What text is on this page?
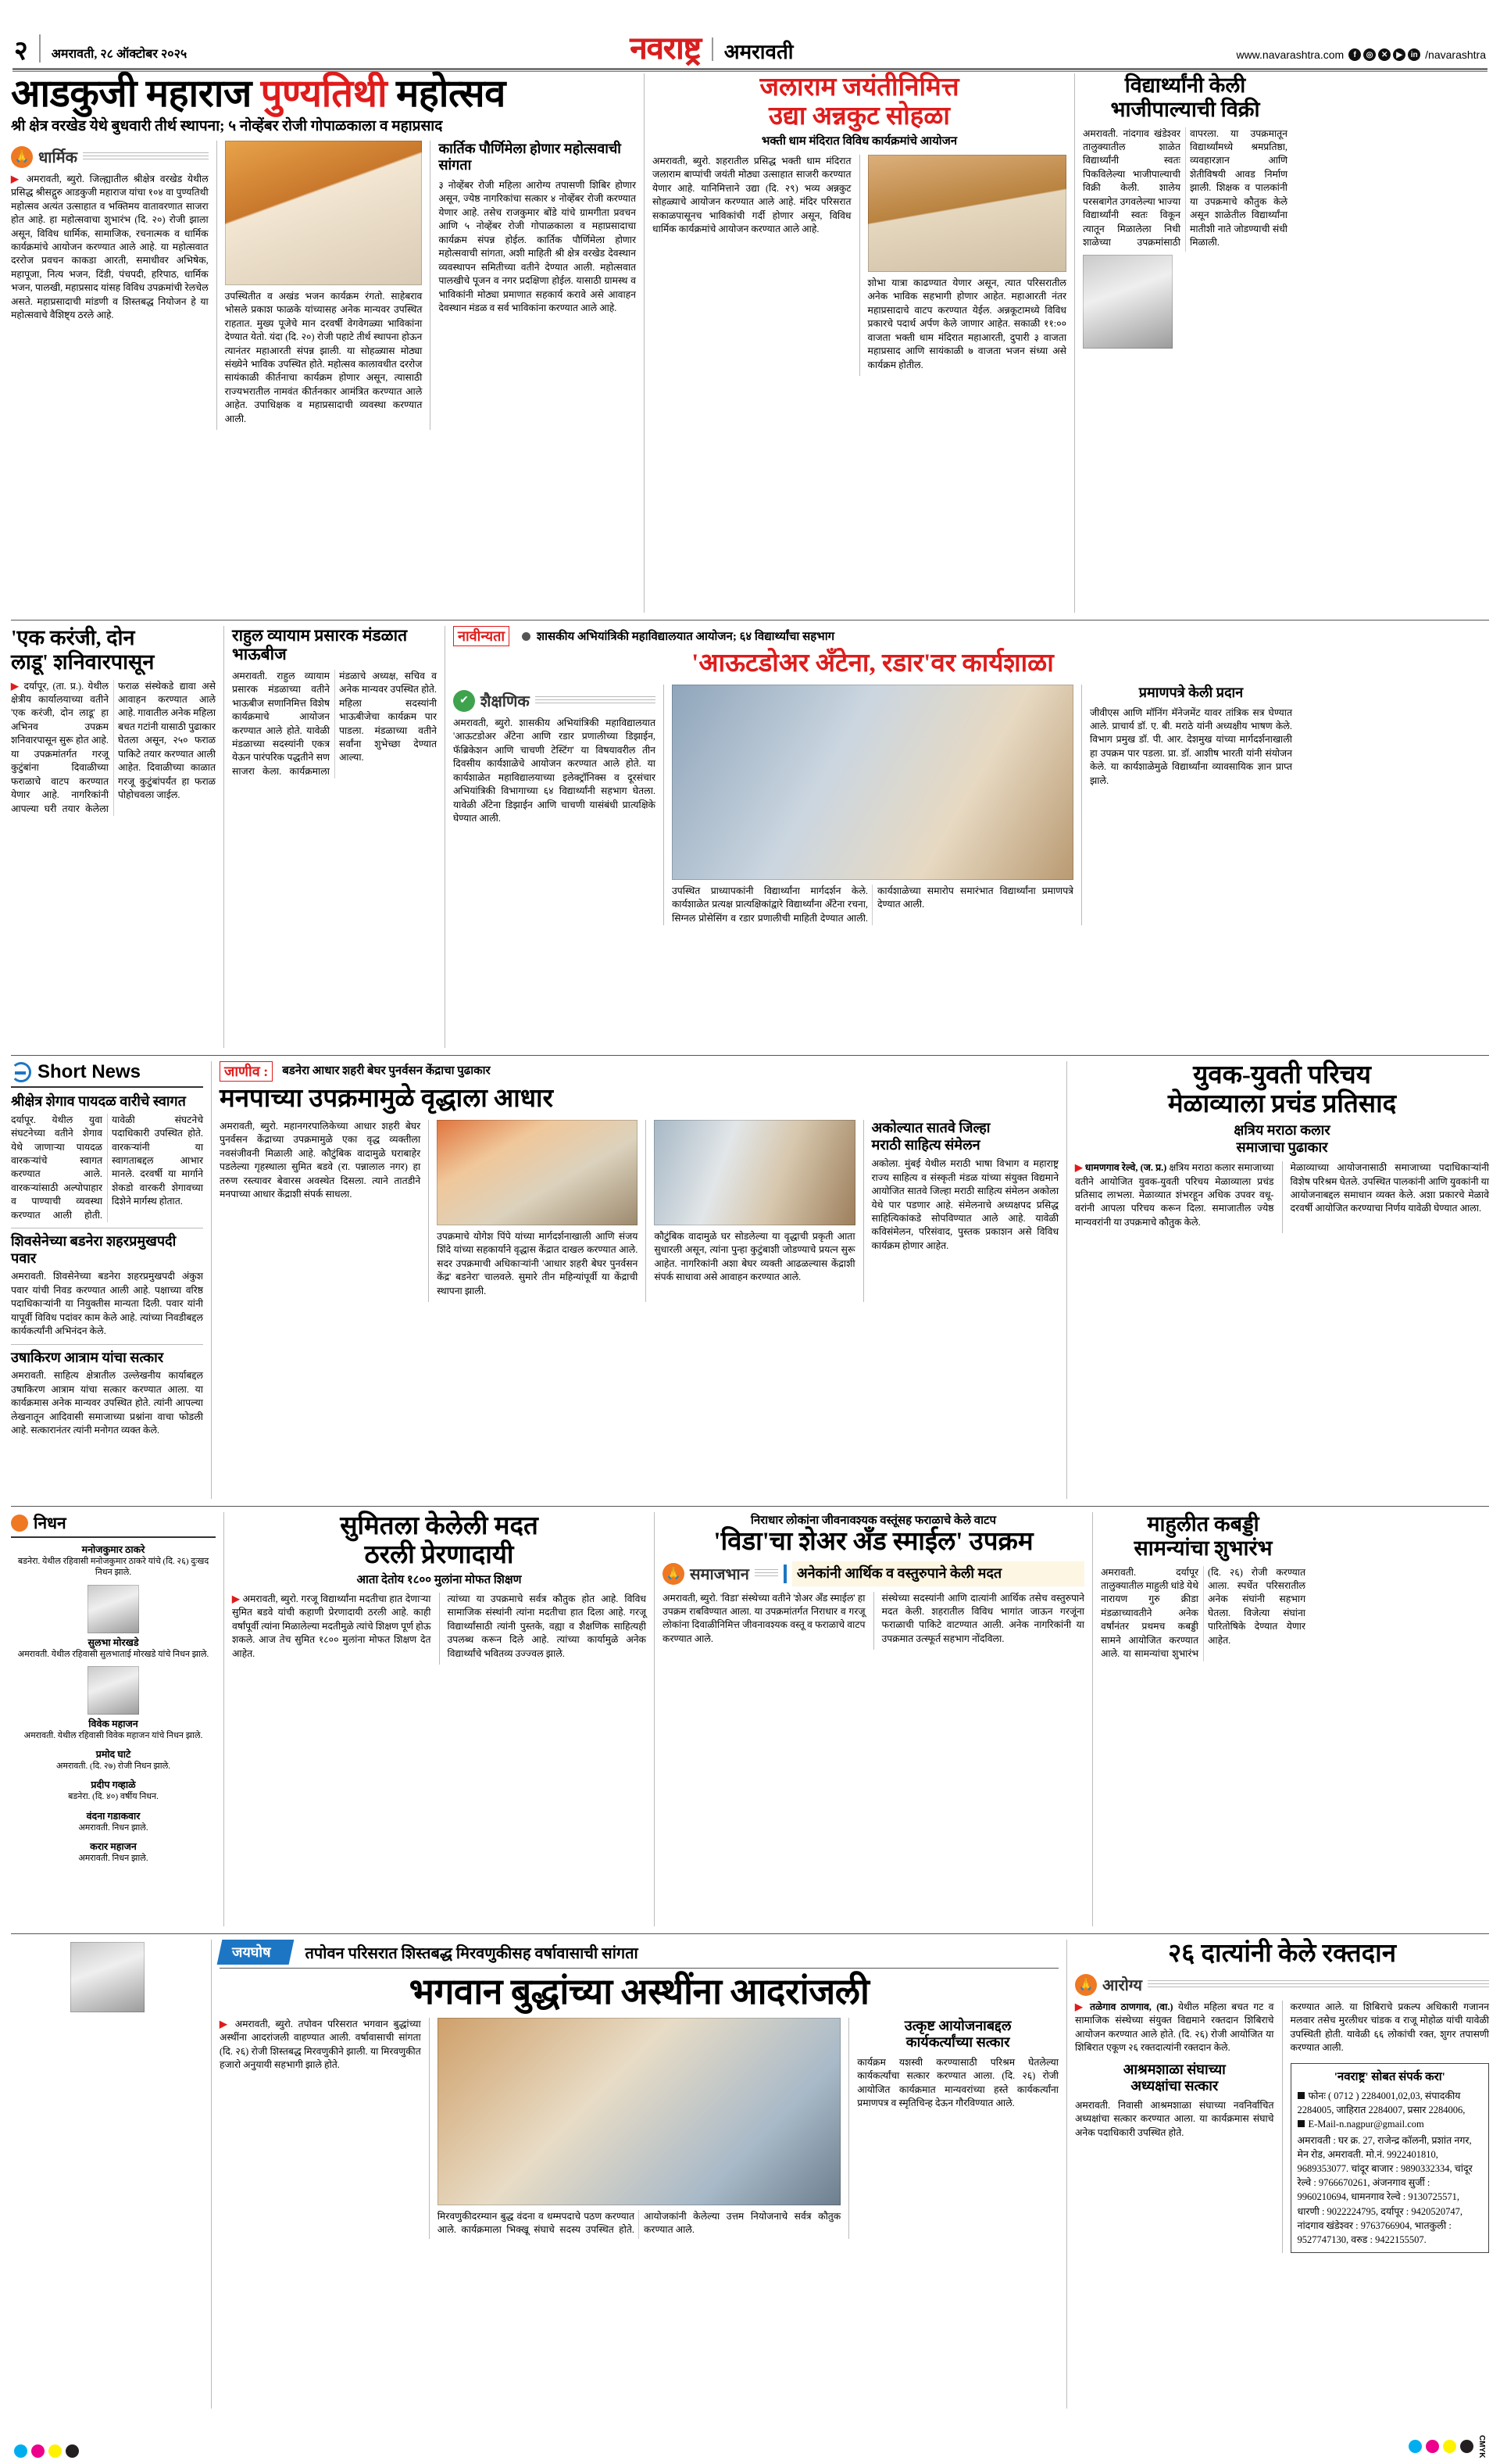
२ अमरावती, २८ ऑक्टोबर २०२५	नवराष्ट्र अमरावती	www.navarashtra.com	f	◎	✕	▶	in /navarashtra
आडकुजी महाराज पुण्यतिथी महोत्सव
श्री क्षेत्र वरखेड येथे बुधवारी तीर्थ स्थापना; ५ नोव्हेंबर रोजी गोपाळकाला व महाप्रसाद
🙏
धार्मिक

▶ अमरावती, ब्युरो. जिल्ह्यातील श्रीक्षेत्र वरखेड येथील प्रसिद्ध श्रीसद्गुरु आडकुजी महाराज यांचा १०४ वा पुण्यतिथी महोत्सव अत्यंत उत्साहात व भक्तिमय वातावरणात साजरा होत आहे. हा महोत्सवाचा शुभारंभ (दि. २०) रोजी झाला असून, विविध धार्मिक, सामाजिक, रचनात्मक व धार्मिक कार्यक्रमांचे आयोजन करण्यात आले आहे. या महोत्सवात दररोज प्रवचन काकडा आरती, समाधीवर अभिषेक, महापूजा, नित्य भजन, दिंडी, पंचपदी, हरिपाठ, धार्मिक भजन, पालखी, महाप्रसाद यांसह विविध उपक्रमांची रेलचेल असते. महाप्रसादाची मांडणी व शिस्तबद्ध नियोजन हे या महोत्सवाचे वैशिष्ट्य ठरले आहे.

उपस्थितीत व अखंड भजन कार्यक्रम रंगतो. साहेबराव भोसले प्रकाश फाळके यांच्यासह अनेक मान्यवर उपस्थित राहतात. मुख्य पूजेचे मान दरवर्षी वेगवेगळ्या भाविकांना देण्यात येतो. यंदा (दि. २०) रोजी पहाटे तीर्थ स्थापना होऊन त्यानंतर महाआरती संपन्न झाली. या सोहळ्यास मोठ्या संख्येने भाविक उपस्थित होते. महोत्सव कालावधीत दररोज सायंकाळी कीर्तनाचा कार्यक्रम होणार असून, त्यासाठी राज्यभरातील नामवंत कीर्तनकार आमंत्रित करण्यात आले आहेत. उपाधिक्षक व महाप्रसादाची व्यवस्था करण्यात आली.

कार्तिक पौर्णिमेला होणार महोत्सवाची सांगता

३ नोव्हेंबर रोजी महिला आरोग्य तपासणी शिबिर होणार असून, ज्येष्ठ नागरिकांचा सत्कार ४ नोव्हेंबर रोजी करण्यात येणार आहे. तसेच राजकुमार बोंडे यांचे ग्रामगीता प्रवचन आणि ५ नोव्हेंबर रोजी गोपाळकाला व महाप्रसादाचा कार्यक्रम संपन्न होईल. कार्तिक पौर्णिमेला होणार महोत्सवाची सांगता, अशी माहिती श्री क्षेत्र वरखेड देवस्थान व्यवस्थापन समितीच्या वतीने देण्यात आली. महोत्सवात पालखीचे पूजन व नगर प्रदक्षिणा होईल. यासाठी ग्रामस्थ व भाविकांनी मोठ्या प्रमाणात सहकार्य करावे असे आवाहन देवस्थान मंडळ व सर्व भाविकांना करण्यात आले आहे.

जलाराम जयंतीनिमित्त
उद्या अन्नकुट सोहळा
भक्ती धाम मंदिरात विविध कार्यक्रमांचे आयोजन

अमरावती, ब्युरो. शहरातील प्रसिद्ध भक्ती धाम मंदिरात जलाराम बाप्पांची जयंती मोठ्या उत्साहात साजरी करण्यात येणार आहे. यानिमित्ताने उद्या (दि. २९) भव्य अन्नकुट सोहळ्याचे आयोजन करण्यात आले आहे. मंदिर परिसरात सकाळपासूनच भाविकांची गर्दी होणार असून, विविध धार्मिक कार्यक्रमांचे आयोजन करण्यात आले आहे.

शोभा यात्रा काढण्यात येणार असून, त्यात परिसरातील अनेक भाविक सहभागी होणार आहेत. महाआरती नंतर महाप्रसादाचे वाटप करण्यात येईल. अन्नकूटामध्ये विविध प्रकारचे पदार्थ अर्पण केले जाणार आहेत. सकाळी ११:०० वाजता भक्ती धाम मंदिरात महाआरती, दुपारी ३ वाजता महाप्रसाद आणि सायंकाळी ७ वाजता भजन संध्या असे कार्यक्रम होतील.

विद्यार्थ्यांनी केली
भाजीपाल्याची विक्री

अमरावती. नांदगाव खंडेश्वर तालुक्यातील शाळेत विद्यार्थ्यांनी स्वतः पिकविलेल्या भाजीपाल्याची विक्री केली. शालेय परसबागेत उगवलेल्या भाज्या विद्यार्थ्यांनी स्वतः विकून त्यातून मिळालेला निधी शाळेच्या उपक्रमांसाठी वापरला. या उपक्रमातून विद्यार्थ्यांमध्ये श्रमप्रतिष्ठा, व्यवहारज्ञान आणि शेतीविषयी आवड निर्माण झाली. शिक्षक व पालकांनी या उपक्रमाचे कौतुक केले असून शाळेतील विद्यार्थ्यांना मातीशी नाते जोडण्याची संधी मिळाली.

'एक करंजी, दोन
लाडू' शनिवारपासून

▶ दर्यापूर, (ता. प्र.). येथील क्षेत्रीय कार्यालयाच्या वतीने 'एक करंजी, दोन लाडू' हा अभिनव उपक्रम शनिवारपासून सुरू होत आहे. या उपक्रमांतर्गत गरजू कुटुंबांना दिवाळीच्या फराळाचे वाटप करण्यात येणार आहे. नागरिकांनी आपल्या घरी तयार केलेला फराळ संस्थेकडे द्यावा असे आवाहन करण्यात आले आहे. गावातील अनेक महिला बचत गटांनी यासाठी पुढाकार घेतला असून, २५० फराळ पाकिटे तयार करण्यात आली आहेत. दिवाळीच्या काळात गरजू कुटुंबांपर्यंत हा फराळ पोहोचवला जाईल.

राहुल व्यायाम प्रसारक मंडळात भाऊबीज

अमरावती. राहुल व्यायाम प्रसारक मंडळाच्या वतीने भाऊबीज सणानिमित्त विशेष कार्यक्रमाचे आयोजन करण्यात आले होते. यावेळी मंडळाच्या सदस्यांनी एकत्र येऊन पारंपरिक पद्धतीने सण साजरा केला. कार्यक्रमाला मंडळाचे अध्यक्ष, सचिव व अनेक मान्यवर उपस्थित होते. महिला सदस्यांनी भाऊबीजेचा कार्यक्रम पार पाडला. मंडळाच्या वतीने सर्वांना शुभेच्छा देण्यात आल्या.

नावीन्यता	शासकीय अभियांत्रिकी महाविद्यालयात आयोजन; ६४ विद्यार्थ्यांचा सहभाग
'आऊटडोअर अँटेना, रडार'वर कार्यशाळा
✔
शैक्षणिक

अमरावती, ब्युरो. शासकीय अभियांत्रिकी महाविद्यालयात 'आऊटडोअर अँटेना आणि रडार प्रणालीच्या डिझाईन, फॅब्रिकेशन आणि चाचणी टेस्टिंग' या विषयावरील तीन दिवसीय कार्यशाळेचे आयोजन करण्यात आले होते. या कार्यशाळेत महाविद्यालयाच्या इलेक्ट्रॉनिक्स व दूरसंचार अभियांत्रिकी विभागाच्या ६४ विद्यार्थ्यांनी सहभाग घेतला. यावेळी अँटेना डिझाईन आणि चाचणी यासंबंधी प्रात्यक्षिके घेण्यात आली.

उपस्थित प्राध्यापकांनी विद्यार्थ्यांना मार्गदर्शन केले. कार्यशाळेत प्रत्यक्ष प्रात्यक्षिकांद्वारे विद्यार्थ्यांना अँटेना रचना, सिग्नल प्रोसेसिंग व रडार प्रणालीची माहिती देण्यात आली. कार्यशाळेच्या समारोप समारंभात विद्यार्थ्यांना प्रमाणपत्रे देण्यात आली.

प्रमाणपत्रे केली प्रदान

जीवीएस आणि मॉनिंग मॅनेजमेंट यावर तांत्रिक सत्र घेण्यात आले. प्राचार्य डॉ. ए. बी. मराठे यांनी अध्यक्षीय भाषण केले. विभाग प्रमुख डॉ. पी. आर. देशमुख यांच्या मार्गदर्शनाखाली हा उपक्रम पार पडला. प्रा. डॉ. आशीष भारती यांनी संयोजन केले. या कार्यशाळेमुळे विद्यार्थ्यांना व्यावसायिक ज्ञान प्राप्त झाले.

Short News
श्रीक्षेत्र शेगाव पायदळ वारीचे स्वागत

दर्यापूर. येथील युवा संघटनेच्या वतीने शेगाव येथे जाणाऱ्या पायदळ वारकऱ्यांचे स्वागत करण्यात आले. वारकऱ्यांसाठी अल्पोपाहार व पाण्याची व्यवस्था करण्यात आली होती. यावेळी संघटनेचे पदाधिकारी उपस्थित होते. वारकऱ्यांनी या स्वागताबद्दल आभार मानले. दरवर्षी या मार्गाने शेकडो वारकरी शेगावच्या दिशेने मार्गस्थ होतात.

शिवसेनेच्या बडनेरा शहरप्रमुखपदी पवार

अमरावती. शिवसेनेच्या बडनेरा शहरप्रमुखपदी अंकुश पवार यांची निवड करण्यात आली आहे. पक्षाच्या वरिष्ठ पदाधिकाऱ्यांनी या नियुक्तीस मान्यता दिली. पवार यांनी यापूर्वी विविध पदांवर काम केले आहे. त्यांच्या निवडीबद्दल कार्यकर्त्यांनी अभिनंदन केले.

उषाकिरण आत्राम यांचा सत्कार

अमरावती. साहित्य क्षेत्रातील उल्लेखनीय कार्याबद्दल उषाकिरण आत्राम यांचा सत्कार करण्यात आला. या कार्यक्रमास अनेक मान्यवर उपस्थित होते. त्यांनी आपल्या लेखनातून आदिवासी समाजाच्या प्रश्नांना वाचा फोडली आहे. सत्कारानंतर त्यांनी मनोगत व्यक्त केले.

जाणीव : बडनेरा आधार शहरी बेघर पुनर्वसन केंद्राचा पुढाकार
मनपाच्या उपक्रमामुळे वृद्धाला आधार

अमरावती, ब्युरो. महानगरपालिकेच्या आधार शहरी बेघर पुनर्वसन केंद्राच्या उपक्रमामुळे एका वृद्ध व्यक्तीला नवसंजीवनी मिळाली आहे. कौटुंबिक वादामुळे घराबाहेर पडलेल्या गृहस्थाला सुमित बडवे (रा. पन्नालाल नगर) हा तरुण रस्त्यावर बेवारस अवस्थेत दिसला. त्याने तातडीने मनपाच्या आधार केंद्राशी संपर्क साधला.

उपक्रमाचे योगेश पिंपे यांच्या मार्गदर्शनाखाली आणि संजय शिंदे यांच्या सहकार्याने वृद्धास केंद्रात दाखल करण्यात आले. सदर उपक्रमाची अधिकाऱ्यांनी 'आधार शहरी बेघर पुनर्वसन केंद्र' बडनेरा' चालवले. सुमारे तीन महिन्यांपूर्वी या केंद्राची स्थापना झाली.

कौटुंबिक वादामुळे घर सोडलेल्या या वृद्धाची प्रकृती आता सुधारली असून, त्यांना पुन्हा कुटुंबाशी जोडण्याचे प्रयत्न सुरू आहेत. नागरिकांनी अशा बेघर व्यक्ती आढळल्यास केंद्राशी संपर्क साधावा असे आवाहन करण्यात आले.

अकोल्यात सातवे जिल्हा
मराठी साहित्य संमेलन

अकोला. मुंबई येथील मराठी भाषा विभाग व महाराष्ट्र राज्य साहित्य व संस्कृती मंडळ यांच्या संयुक्त विद्यमाने आयोजित सातवे जिल्हा मराठी साहित्य संमेलन अकोला येथे पार पडणार आहे. संमेलनाचे अध्यक्षपद प्रसिद्ध साहित्यिकांकडे सोपविण्यात आले आहे. यावेळी कविसंमेलन, परिसंवाद, पुस्तक प्रकाशन असे विविध कार्यक्रम होणार आहेत.

युवक-युवती परिचय
मेळाव्याला प्रचंड प्रतिसाद
क्षत्रिय मराठा कलार
समाजाचा पुढाकार

▶ धामणगाव रेल्वे, (ज. प्र.) क्षत्रिय मराठा कलार समाजाच्या वतीने आयोजित युवक-युवती परिचय मेळाव्याला प्रचंड प्रतिसाद लाभला. मेळाव्यात शंभरहून अधिक उपवर वधू-वरांनी आपला परिचय करून दिला. समाजातील ज्येष्ठ मान्यवरांनी या उपक्रमाचे कौतुक केले.

मेळाव्याच्या आयोजनासाठी समाजाच्या पदाधिकाऱ्यांनी विशेष परिश्रम घेतले. उपस्थित पालकांनी आणि युवकांनी या आयोजनाबद्दल समाधान व्यक्त केले. अशा प्रकारचे मेळावे दरवर्षी आयोजित करण्याचा निर्णय यावेळी घेण्यात आला.

निधन
मनोजकुमार ठाकरे
बडनेरा. येथील रहिवासी मनोजकुमार ठाकरे यांचे (दि. २६) दुःखद निधन झाले.
सुलभा मोरखडे
अमरावती. येथील रहिवासी सुलभाताई मोरखडे यांचे निधन झाले.
विवेक महाजन
अमरावती. येथील रहिवासी विवेक महाजन यांचे निधन झाले.
प्रमोद घाटे
अमरावती. (दि. २७) रोजी निधन झाले.
प्रदीप गव्हाळे
बडनेरा. (दि. ४०) वर्षीय निधन.
वंदना गडाकवार
अमरावती. निधन झाले.
करार महाजन
अमरावती. निधन झाले.
सुमितला केलेली मदत
ठरली प्रेरणादायी
आता देतोय १८०० मुलांना मोफत शिक्षण

▶ अमरावती, ब्युरो. गरजू विद्यार्थ्यांना मदतीचा हात देणाऱ्या सुमित बडवे यांची कहाणी प्रेरणादायी ठरली आहे. काही वर्षांपूर्वी त्यांना मिळालेल्या मदतीमुळे त्यांचे शिक्षण पूर्ण होऊ शकले. आज तेच सुमित १८०० मुलांना मोफत शिक्षण देत आहेत.

त्यांच्या या उपक्रमाचे सर्वत्र कौतुक होत आहे. विविध सामाजिक संस्थांनी त्यांना मदतीचा हात दिला आहे. गरजू विद्यार्थ्यांसाठी त्यांनी पुस्तके, वह्या व शैक्षणिक साहित्यही उपलब्ध करून दिले आहे. त्यांच्या कार्यामुळे अनेक विद्यार्थ्यांचे भवितव्य उज्ज्वल झाले.

निराधार लोकांना जीवनावश्यक वस्तूंसह फराळाचे केले वाटप
'विडा'चा शेअर अँड स्माईल' उपक्रम
🙏 समाजभान	अनेकांनी आर्थिक व वस्तुरुपाने केली मदत

अमरावती, ब्युरो. 'विडा' संस्थेच्या वतीने 'शेअर अँड स्माईल' हा उपक्रम राबविण्यात आला. या उपक्रमांतर्गत निराधार व गरजू लोकांना दिवाळीनिमित्त जीवनावश्यक वस्तू व फराळाचे वाटप करण्यात आले.

संस्थेच्या सदस्यांनी आणि दात्यांनी आर्थिक तसेच वस्तुरुपाने मदत केली. शहरातील विविध भागांत जाऊन गरजूंना फराळाची पाकिटे वाटण्यात आली. अनेक नागरिकांनी या उपक्रमात उत्स्फूर्त सहभाग नोंदविला.

माहुलीत कबड्डी
सामन्यांचा शुभारंभ

अमरावती. दर्यापूर तालुक्यातील माहुली धांडे येथे नारायण गुरु क्रीडा मंडळाच्यावतीने अनेक वर्षांनंतर प्रथमच कबड्डी सामने आयोजित करण्यात आले. या सामन्यांचा शुभारंभ (दि. २६) रोजी करण्यात आला. स्पर्धेत परिसरातील अनेक संघांनी सहभाग घेतला. विजेत्या संघांना पारितोषिके देण्यात येणार आहेत.

जयघोष	तपोवन परिसरात शिस्तबद्ध मिरवणुकीसह वर्षावासाची सांगता
भगवान बुद्धांच्या अस्थींना आदरांजली

▶ अमरावती, ब्युरो. तपोवन परिसरात भगवान बुद्धांच्या अस्थींना आदरांजली वाहण्यात आली. वर्षावासाची सांगता (दि. २६) रोजी शिस्तबद्ध मिरवणुकीने झाली. या मिरवणुकीत हजारो अनुयायी सहभागी झाले होते.

मिरवणुकीदरम्यान बुद्ध वंदना व धम्मपदाचे पठण करण्यात आले. कार्यक्रमाला भिक्खू संघाचे सदस्य उपस्थित होते. आयोजकांनी केलेल्या उत्तम नियोजनाचे सर्वत्र कौतुक करण्यात आले.

उत्कृष्ट आयोजनाबद्दल
कार्यकर्त्यांच्या सत्कार

कार्यक्रम यशस्वी करण्यासाठी परिश्रम घेतलेल्या कार्यकर्त्यांचा सत्कार करण्यात आला. (दि. २६) रोजी आयोजित कार्यक्रमात मान्यवरांच्या हस्ते कार्यकर्त्यांना प्रमाणपत्र व स्मृतिचिन्ह देऊन गौरविण्यात आले.

२६ दात्यांनी केले रक्तदान
🙏
आरोग्य

▶ तळेगाव ठाणगाव, (वा.) येथील महिला बचत गट व सामाजिक संस्थेच्या संयुक्त विद्यमाने रक्तदान शिबिराचे आयोजन करण्यात आले होते. (दि. २६) रोजी आयोजित या शिबिरात एकूण २६ रक्तदात्यांनी रक्तदान केले.

आश्रमशाळा संघाच्या
अध्यक्षांचा सत्कार

अमरावती. निवासी आश्रमशाळा संघाच्या नवनिर्वाचित अध्यक्षांचा सत्कार करण्यात आला. या कार्यक्रमास संघाचे अनेक पदाधिकारी उपस्थित होते.

करण्यात आले. या शिबिराचे प्रकल्प अधिकारी गजानन मलवार तसेच मुरलीधर चांडक व राजू मोहोळ यांची यावेळी उपस्थिती होती. यावेळी ६६ लोकांची रक्त, शुगर तपासणी करण्यात आली.

'नवराष्ट्र' सोबत संपर्क करा'
फोनः ( 0712 ) 2284001,02,03, संपादकीय 2284005, जाहिरात 2284007, प्रसार 2284006,
E-Mail-n.nagpur@gmail.com
अमरावती : घर क्र. 27, राजेन्द्र कॉलनी, प्रशांत नगर, मेन रोड, अमरावती. मो.नं. 9922401810, 9689353077. चांदूर बाजार : 9890332334, चांदूर रेल्वे : 9766670261, अंजनगाव सुर्जी : 9960210694, धामनगाव रेल्वे : 9130725571, धारणी : 9022224795, दर्यापूर : 9420520747, नांदगाव खंडेश्वर : 9763766904, भातकुली : 9527747130, वरुड : 9422155507.
CMYK
